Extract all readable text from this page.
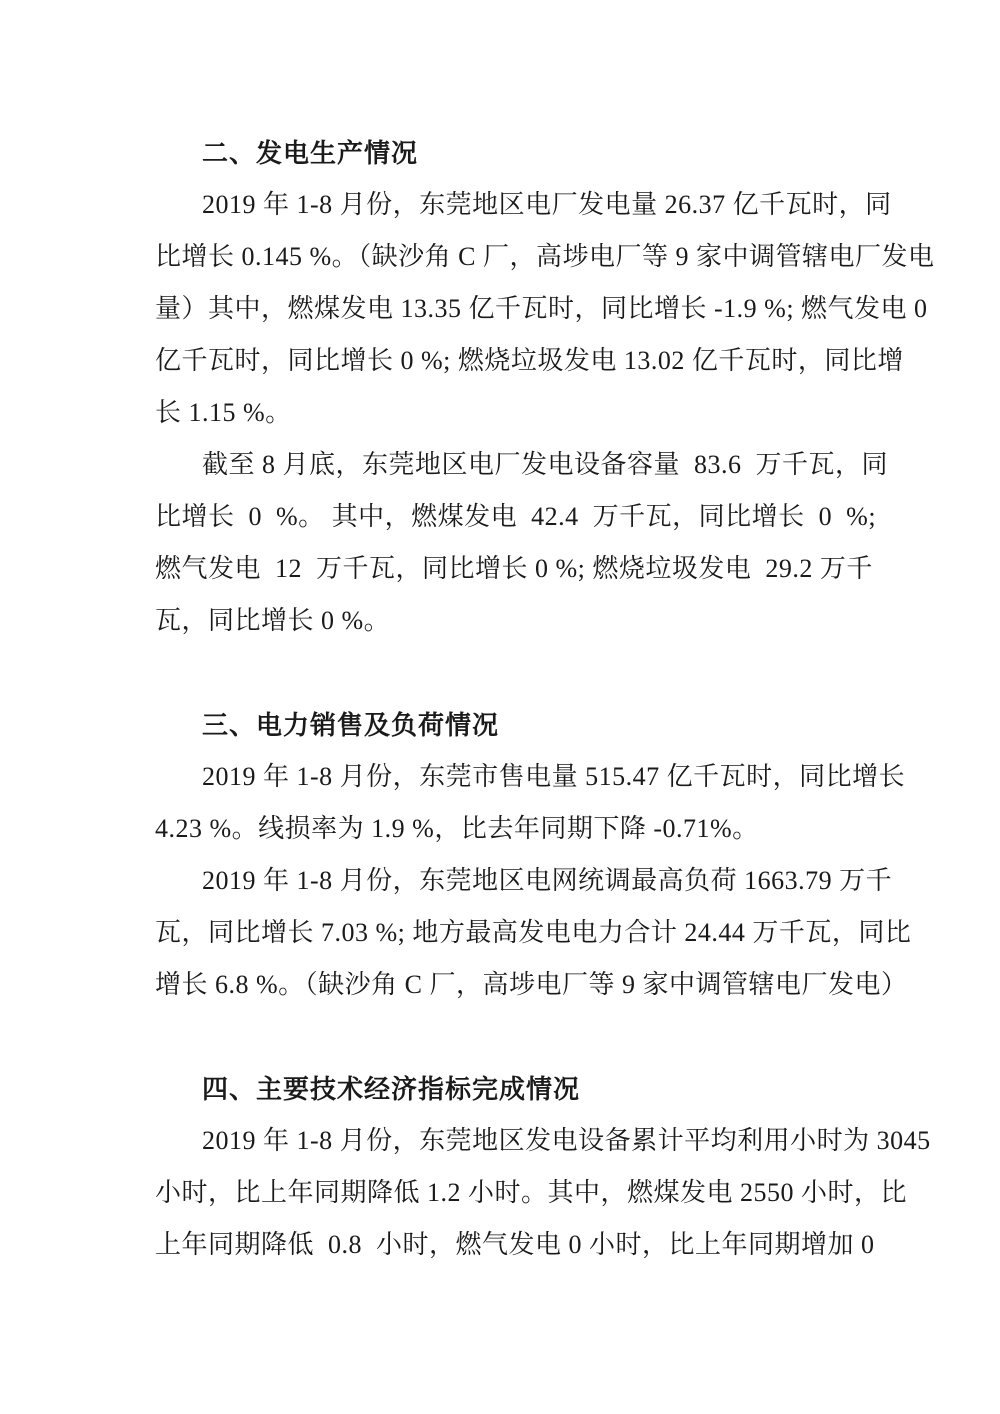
二、发电生产情况

2019 年 1-8 月份，东莞地区电厂发电量 26.37 亿千瓦时，同
比增长 0.145 %。（缺沙角 C 厂，高埗电厂等 9 家中调管辖电厂发电
量）其中，燃煤发电 13.35 亿千瓦时，同比增长 -1.9 %; 燃气发电 0
亿千瓦时，同比增长 0 %; 燃烧垃圾发电 13.02 亿千瓦时，同比增
长 1.15 %。

截至 8 月底，东莞地区电厂发电设备容量  83.6  万千瓦，同
比增长  0  %。 其中，燃煤发电  42.4  万千瓦，同比增长  0  %;
燃气发电  12  万千瓦，同比增长 0 %; 燃烧垃圾发电  29.2 万千
瓦，同比增长 0 %。

三、电力销售及负荷情况

2019 年 1-8 月份，东莞市售电量 515.47 亿千瓦时，同比增长
4.23 %。线损率为 1.9 %，比去年同期下降 -0.71%。

2019 年 1-8 月份，东莞地区电网统调最高负荷 1663.79 万千
瓦，同比增长 7.03 %; 地方最高发电电力合计 24.44 万千瓦，同比
增长 6.8 %。（缺沙角 C 厂，高埗电厂等 9 家中调管辖电厂发电）

四、主要技术经济指标完成情况

2019 年 1-8 月份，东莞地区发电设备累计平均利用小时为 3045
小时，比上年同期降低 1.2 小时。其中，燃煤发电 2550 小时，比
上年同期降低  0.8  小时，燃气发电 0 小时，比上年同期增加 0
